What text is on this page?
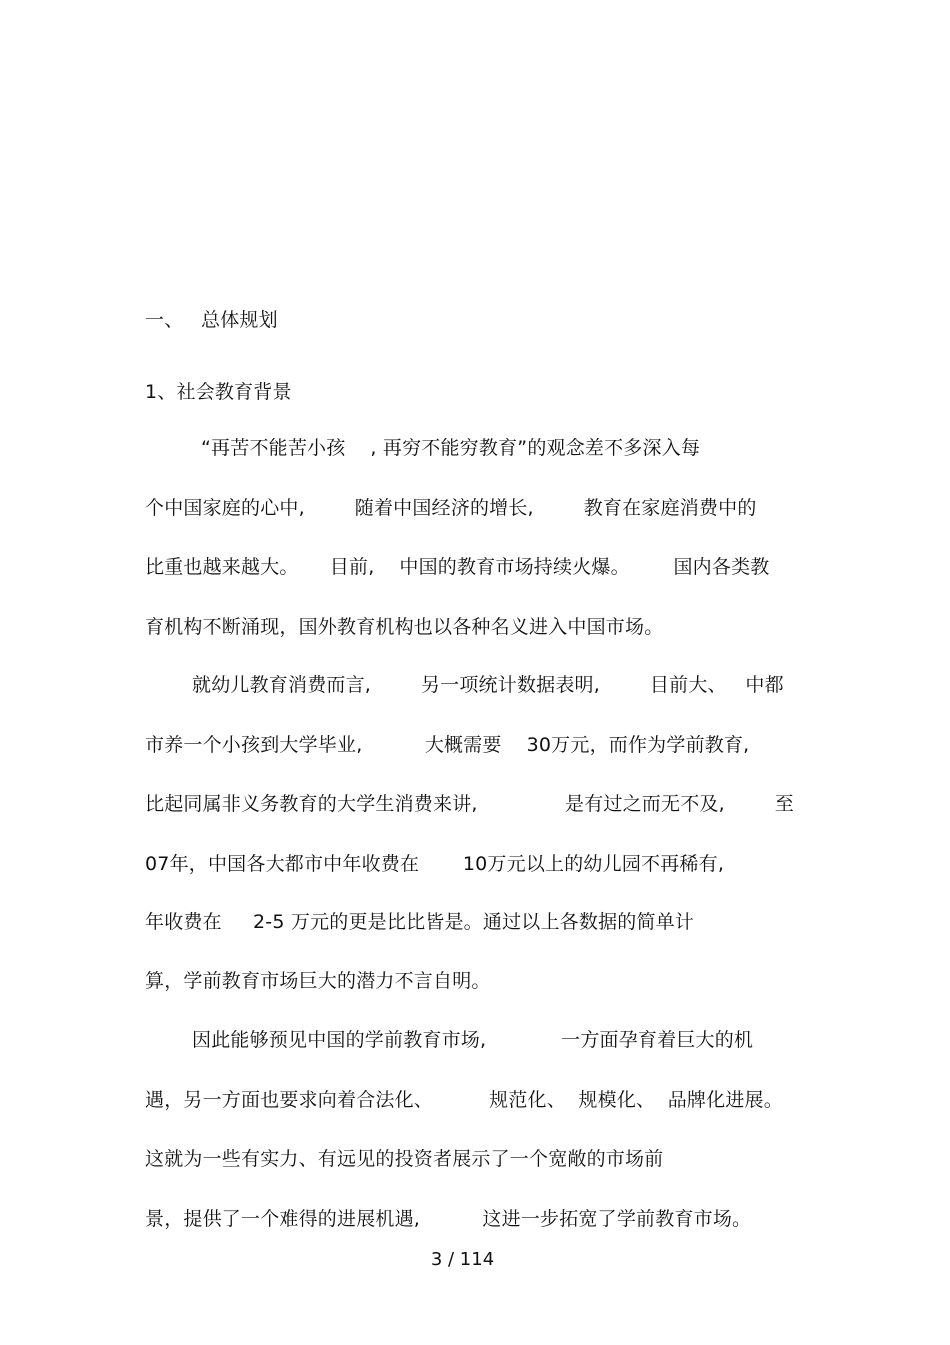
一、 总体规划
1、社会教育背景
“再苦不能苦小孩    , 再穷不能穷教育”的观念差不多深入每
个中国家庭的心中,        随着中国经济的增长,        教育在家庭消费中的
比重也越来越大。     目前,    中国的教育市场持续火爆。       国内各类教
育机构不断涌现，国外教育机构也以各种名义进入中国市场。
就幼儿教育消费而言,        另一项统计数据表明,        目前大、   中都
市养一个小孩到大学毕业,          大概需要    30万元，而作为学前教育,
比起同属非义务教育的大学生消费来讲,              是有过之而无不及,        至
07年，中国各大都市中年收费在       10万元以上的幼儿园不再稀有,
年收费在     2-5 万元的更是比比皆是。通过以上各数据的简单计
算，学前教育市场巨大的潜力不言自明。
因此能够预见中国的学前教育市场,            一方面孕育着巨大的机
遇，另一方面也要求向着合法化、         规范化、  规模化、  品牌化进展。
这就为一些有实力、有远见的投资者展示了一个宽敞的市场前
景，提供了一个难得的进展机遇,          这进一步拓宽了学前教育市场。
3 / 114
